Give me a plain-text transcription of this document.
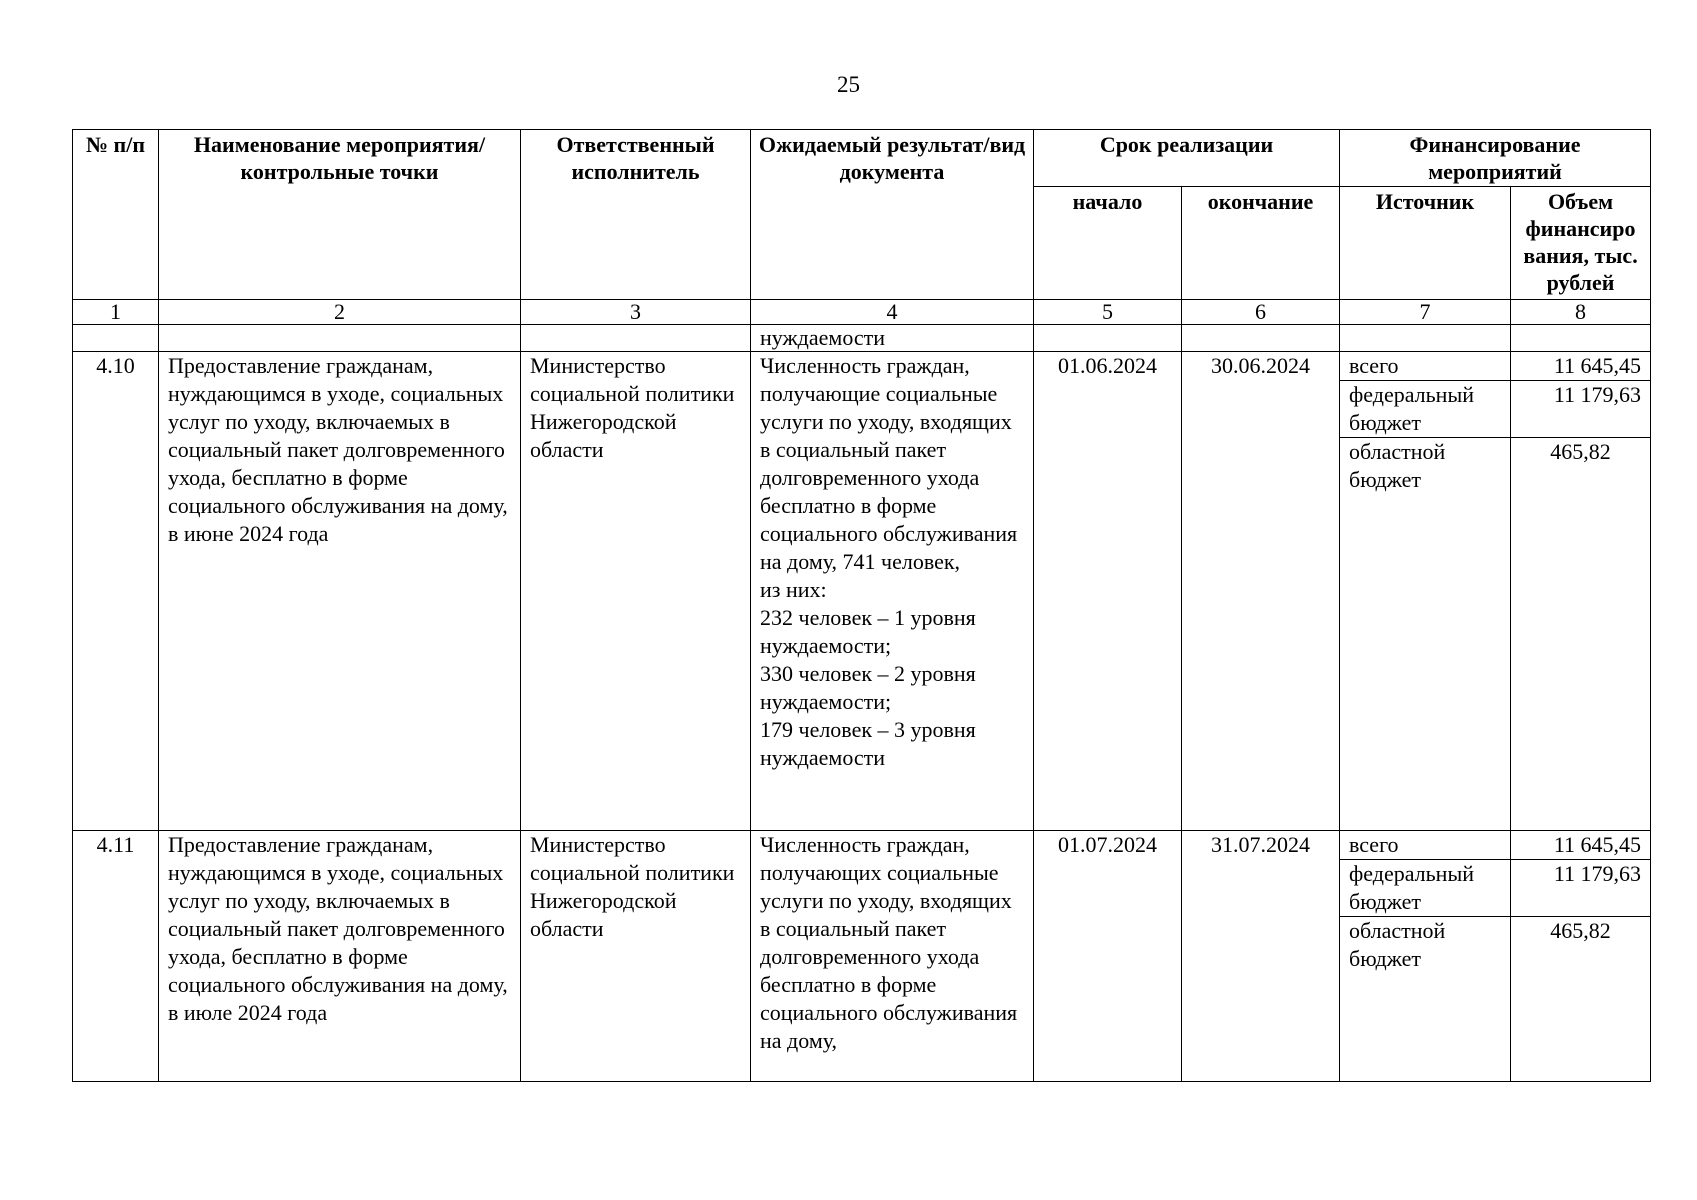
25
№ п/п	Наименование мероприятия/ контрольные точки	Ответственный исполнитель	Ожидаемый результат/вид документа	Срок реализации		Финансирование мероприятий	
				начало	окончание	Источник	Объем финансиро вания, тыс. рублей
1	2	3	4	5	6	7	8
			нуждаемости				
4.10	Предоставление гражданам, нуждающимся в уходе, социальных услуг по уходу, включаемых в социальный пакет долговременного ухода, бесплатно в форме социального обслуживания на дому, в июне 2024 года	Министерство социальной политики Нижегородской области	Численность граждан, получающие социальные услуги по уходу, входящих в социальный пакет долговременного ухода бесплатно в форме социального обслуживания на дому, 741 человек,
из них:
232 человек – 1 уровня нуждаемости;
330 человек – 2 уровня нуждаемости;
179 человек – 3 уровня нуждаемости	01.06.2024	30.06.2024	всего	11 645,45
						федеральный бюджет	11 179,63
						областной бюджет	465,82
4.11	Предоставление гражданам, нуждающимся в уходе, социальных услуг по уходу, включаемых в социальный пакет долговременного ухода, бесплатно в форме социального обслуживания на дому, в июле 2024 года	Министерство социальной политики Нижегородской области	Численность граждан, получающих социальные услуги по уходу, входящих в социальный пакет долговременного ухода бесплатно в форме социального обслуживания на дому,	01.07.2024	31.07.2024	всего	11 645,45
						федеральный бюджет	11 179,63
						областной бюджет	465,82
